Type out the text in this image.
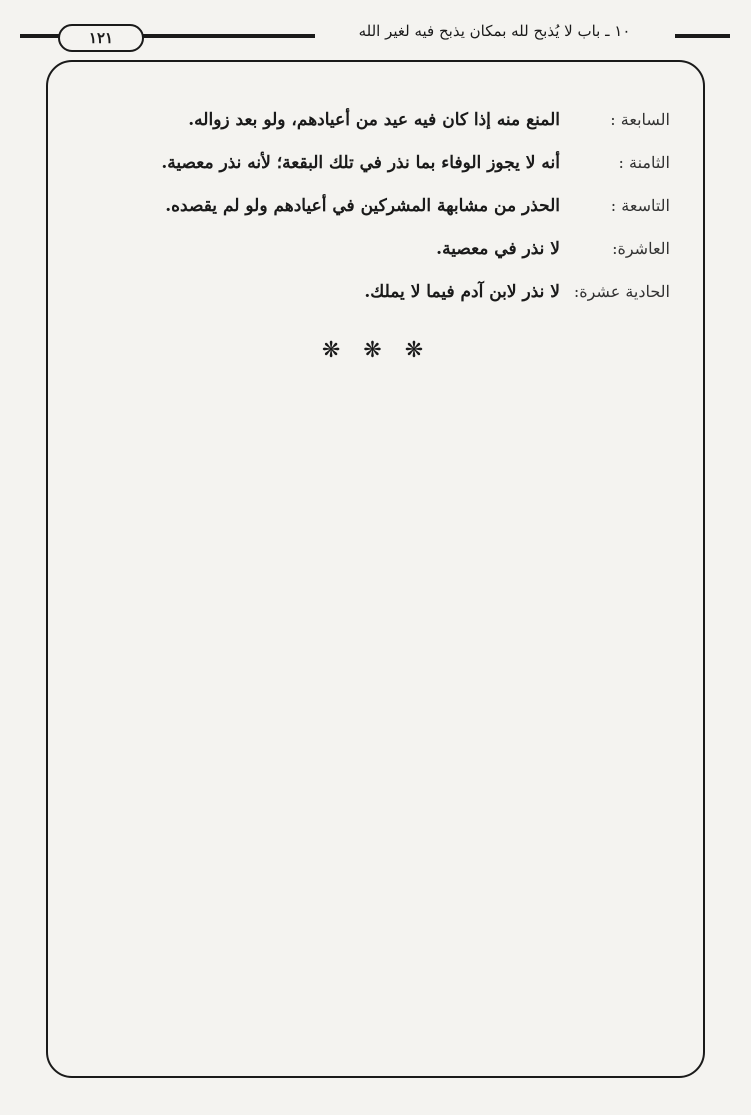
١٢١	١٠ ـ باب لا يُذبح لله بمكان يذبح فيه لغير الله
السابعة :
المنع منه إذا كان فيه عيد من أعيادهم، ولو بعد زواله.
الثامنة :
أنه لا يجوز الوفاء بما نذر في تلك البقعة؛ لأنه نذر معصية.
التاسعة :
الحذر من مشابهة المشركين في أعيادهم ولو لم يقصده.
العاشرة:
لا نذر في معصية.
الحادية عشرة:
لا نذر لابن آدم فيما لا يملك.
❋ ❋ ❋
